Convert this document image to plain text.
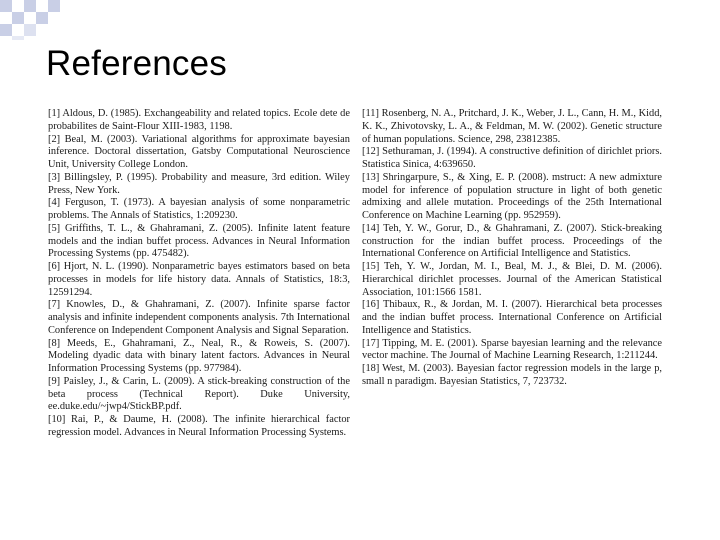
References
[1] Aldous, D. (1985). Exchangeability and related topics. Ecole dete de probabilites de Saint-Flour XIII-1983, 1198.
[2] Beal, M. (2003). Variational algorithms for approximate bayesian inference. Doctoral dissertation, Gatsby Computational Neuroscience Unit, University College London.
[3] Billingsley, P. (1995). Probability and measure, 3rd edition. Wiley Press, New York.
[4] Ferguson, T. (1973). A bayesian analysis of some nonparametric problems. The Annals of Statistics, 1:209230.
[5] Griffiths, T. L., & Ghahramani, Z. (2005). Infinite latent feature models and the indian buffet process. Advances in Neural Information Processing Systems (pp. 475482).
[6] Hjort, N. L. (1990). Nonparametric bayes estimators based on beta processes in models for life history data. Annals of Statistics, 18:3, 12591294.
[7] Knowles, D., & Ghahramani, Z. (2007). Infinite sparse factor analysis and infinite independent components analysis. 7th International Conference on Independent Component Analysis and Signal Separation.
[8] Meeds, E., Ghahramani, Z., Neal, R., & Roweis, S. (2007). Modeling dyadic data with binary latent factors. Advances in Neural Information Processing Systems (pp. 977984).
[9] Paisley, J., & Carin, L. (2009). A stick-breaking construction of the beta process (Technical Report). Duke University, ee.duke.edu/~jwp4/StickBP.pdf.
[10] Rai, P., & Daume, H. (2008). The infinite hierarchical factor regression model. Advances in Neural Information Processing Systems.
[11] Rosenberg, N. A., Pritchard, J. K., Weber, J. L., Cann, H. M., Kidd, K. K., Zhivotovsky, L. A., & Feldman, M. W. (2002). Genetic structure of human populations. Science, 298, 23812385.
[12] Sethuraman, J. (1994). A constructive definition of dirichlet priors. Statistica Sinica, 4:639650.
[13] Shringarpure, S., & Xing, E. P. (2008). mstruct: A new admixture model for inference of population structure in light of both genetic admixing and allele mutation. Proceedings of the 25th International Conference on Machine Learning (pp. 952959).
[14] Teh, Y. W., Gorur, D., & Ghahramani, Z. (2007). Stick-breaking construction for the indian buffet process. Proceedings of the International Conference on Artificial Intelligence and Statistics.
[15] Teh, Y. W., Jordan, M. I., Beal, M. J., & Blei, D. M. (2006). Hierarchical dirichlet processes. Journal of the American Statistical Association, 101:1566 1581.
[16] Thibaux, R., & Jordan, M. I. (2007). Hierarchical beta processes and the indian buffet process. International Conference on Artificial Intelligence and Statistics.
[17] Tipping, M. E. (2001). Sparse bayesian learning and the relevance vector machine. The Journal of Machine Learning Research, 1:211244.
[18] West, M. (2003). Bayesian factor regression models in the large p, small n paradigm. Bayesian Statistics, 7, 723732.
